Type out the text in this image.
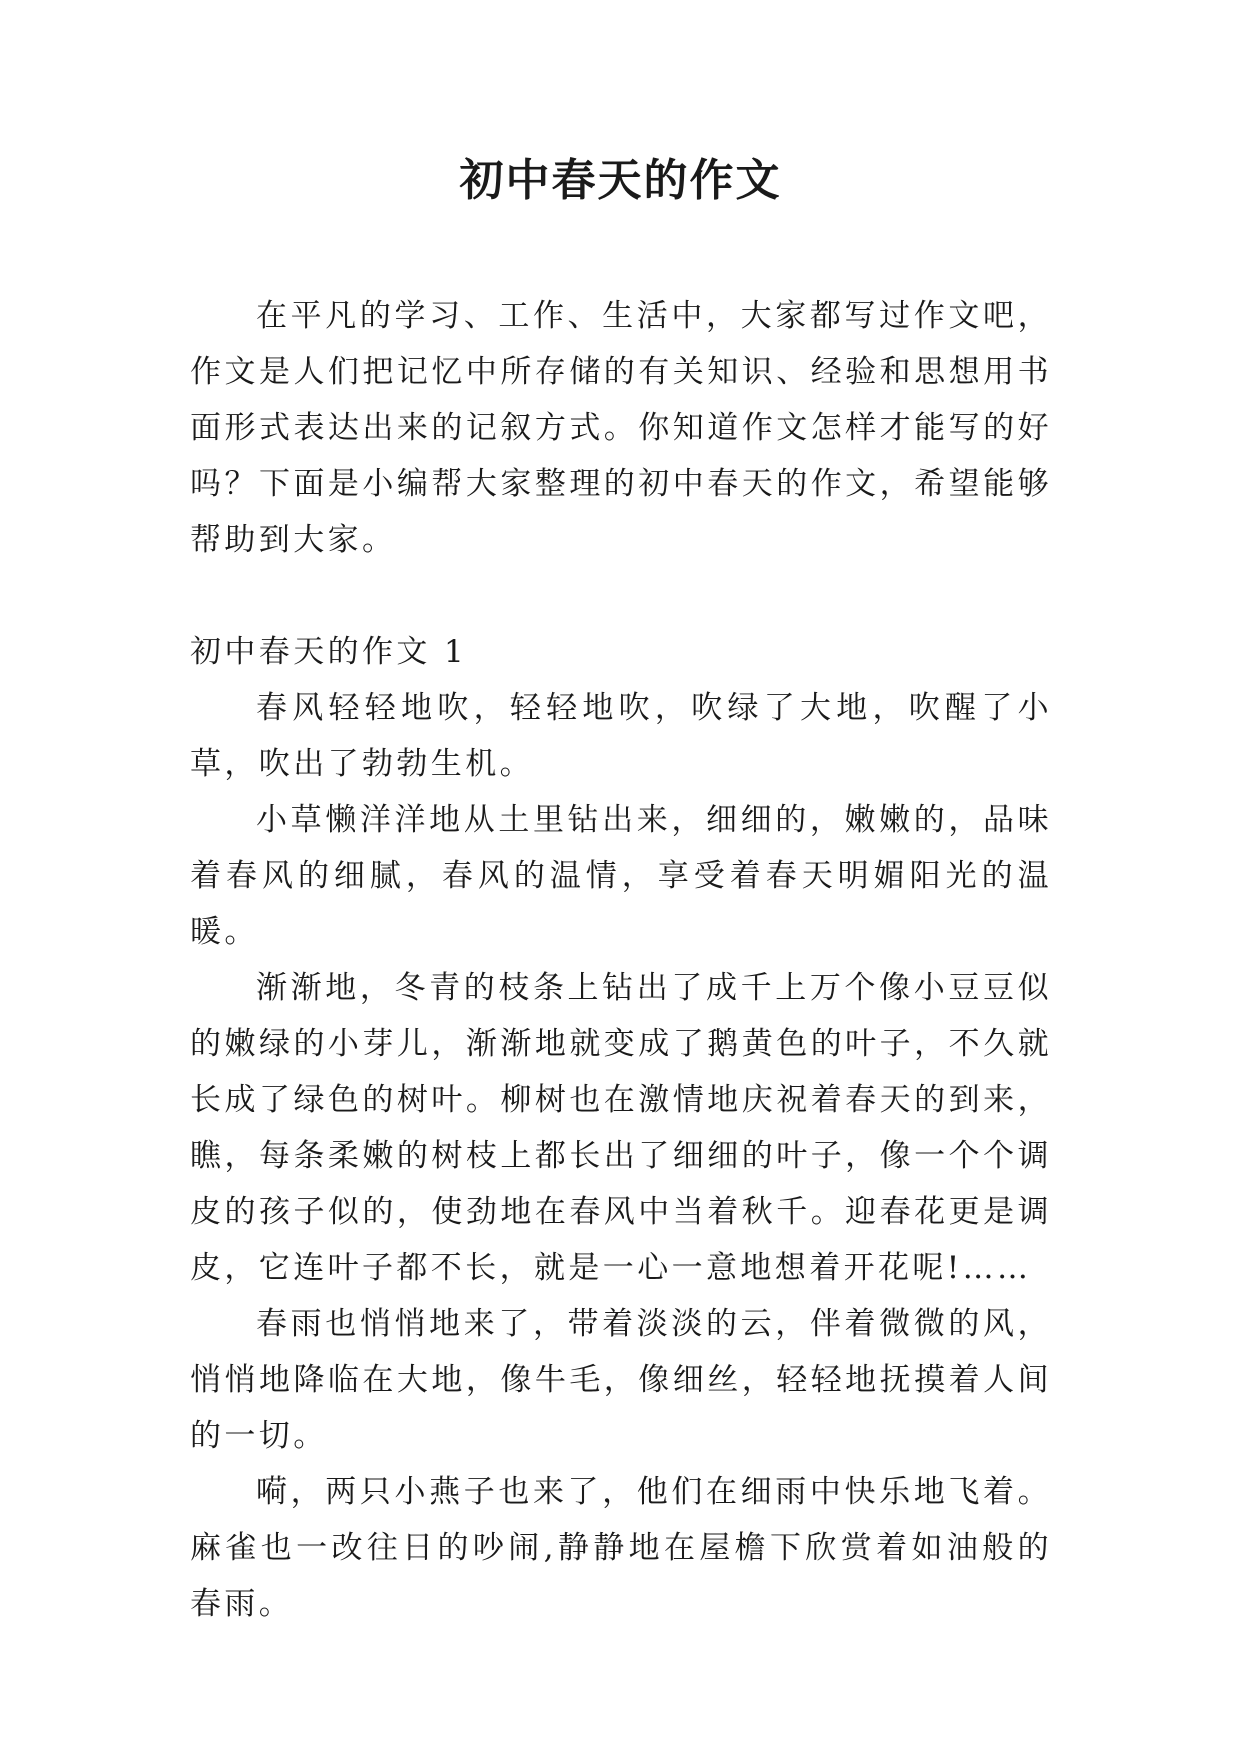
初中春天的作文

在平凡的学习、工作、生活中，大家都写过作文吧，作文是人们把记忆中所存储的有关知识、经验和思想用书面形式表达出来的记叙方式。你知道作文怎样才能写的好吗？下面是小编帮大家整理的初中春天的作文，希望能够帮助到大家。

初中春天的作文 1

春风轻轻地吹，轻轻地吹，吹绿了大地，吹醒了小草，吹出了勃勃生机。

小草懒洋洋地从土里钻出来，细细的，嫩嫩的，品味着春风的细腻，春风的温情，享受着春天明媚阳光的温暖。

渐渐地，冬青的枝条上钻出了成千上万个像小豆豆似的嫩绿的小芽儿，渐渐地就变成了鹅黄色的叶子，不久就长成了绿色的树叶。柳树也在激情地庆祝着春天的到来，瞧，每条柔嫩的树枝上都长出了细细的叶子，像一个个调皮的孩子似的，使劲地在春风中当着秋千。迎春花更是调皮，它连叶子都不长，就是一心一意地想着开花呢!……

春雨也悄悄地来了，带着淡淡的云，伴着微微的风，悄悄地降临在大地，像牛毛，像细丝，轻轻地抚摸着人间的一切。

嗬，两只小燕子也来了，他们在细雨中快乐地飞着。麻雀也一改往日的吵闹,静静地在屋檐下欣赏着如油般的春雨。
